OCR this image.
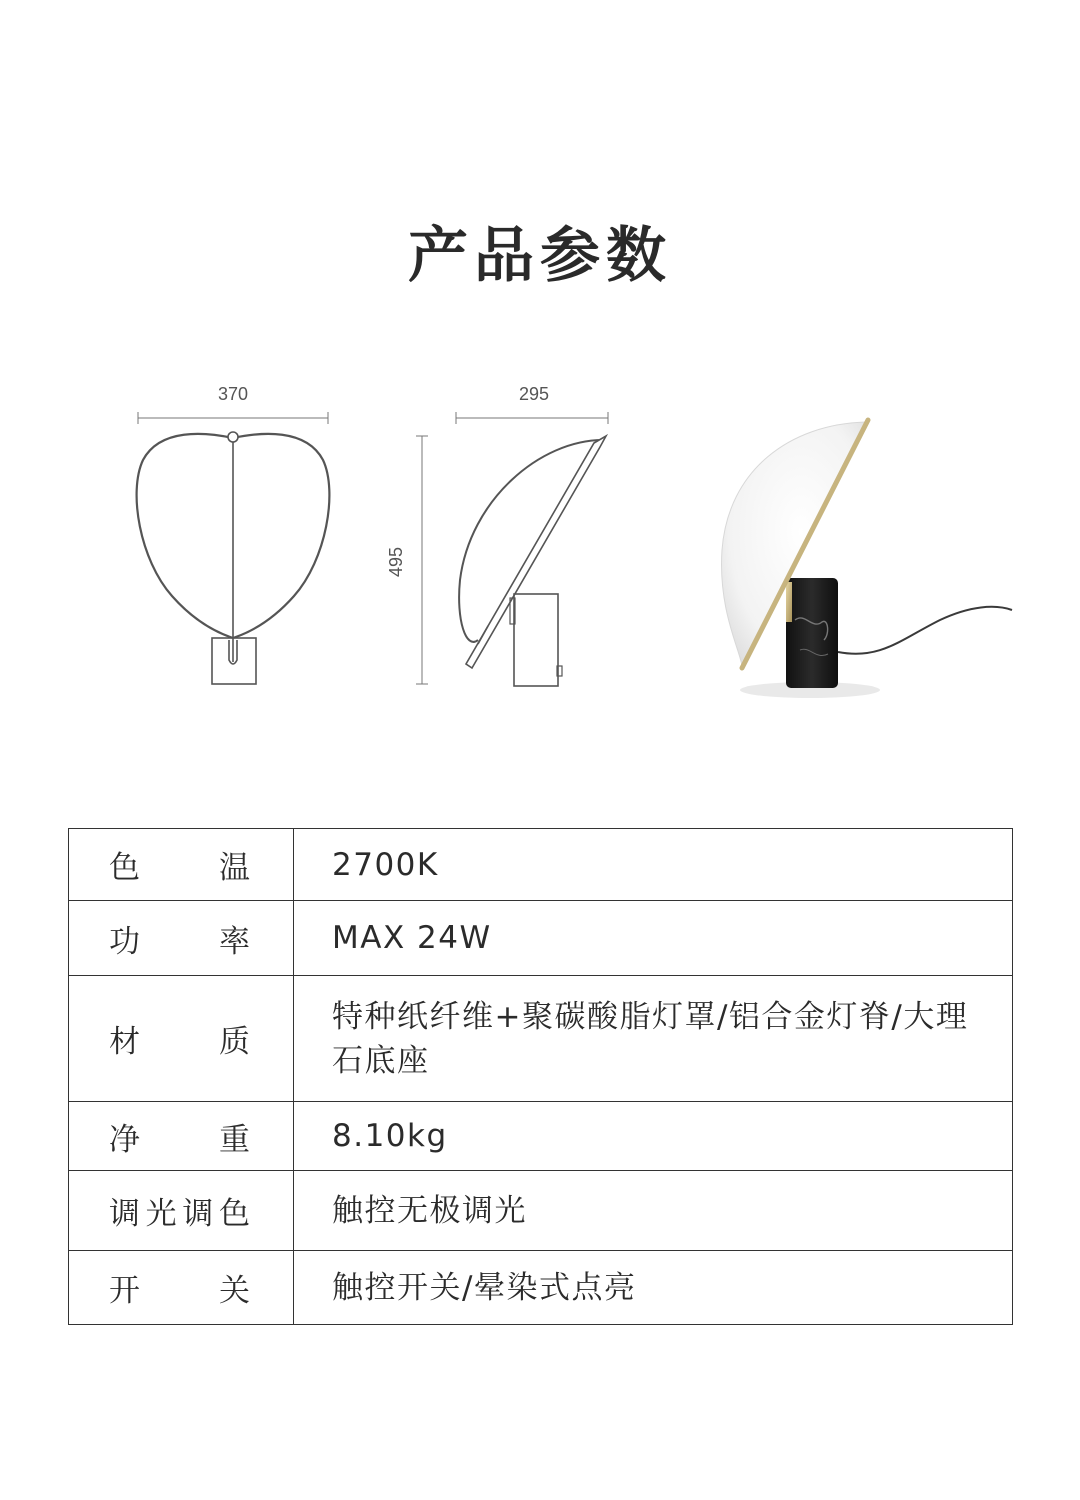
产品参数
370	295
495
色　　温	2700K
功　　率	MAX 24W
材　　质	特种纸纤维+聚碳酸脂灯罩/铝合金灯脊/大理石底座
净　　重	8.10kg
调光调色	触控无极调光
开　　关	触控开关/晕染式点亮
